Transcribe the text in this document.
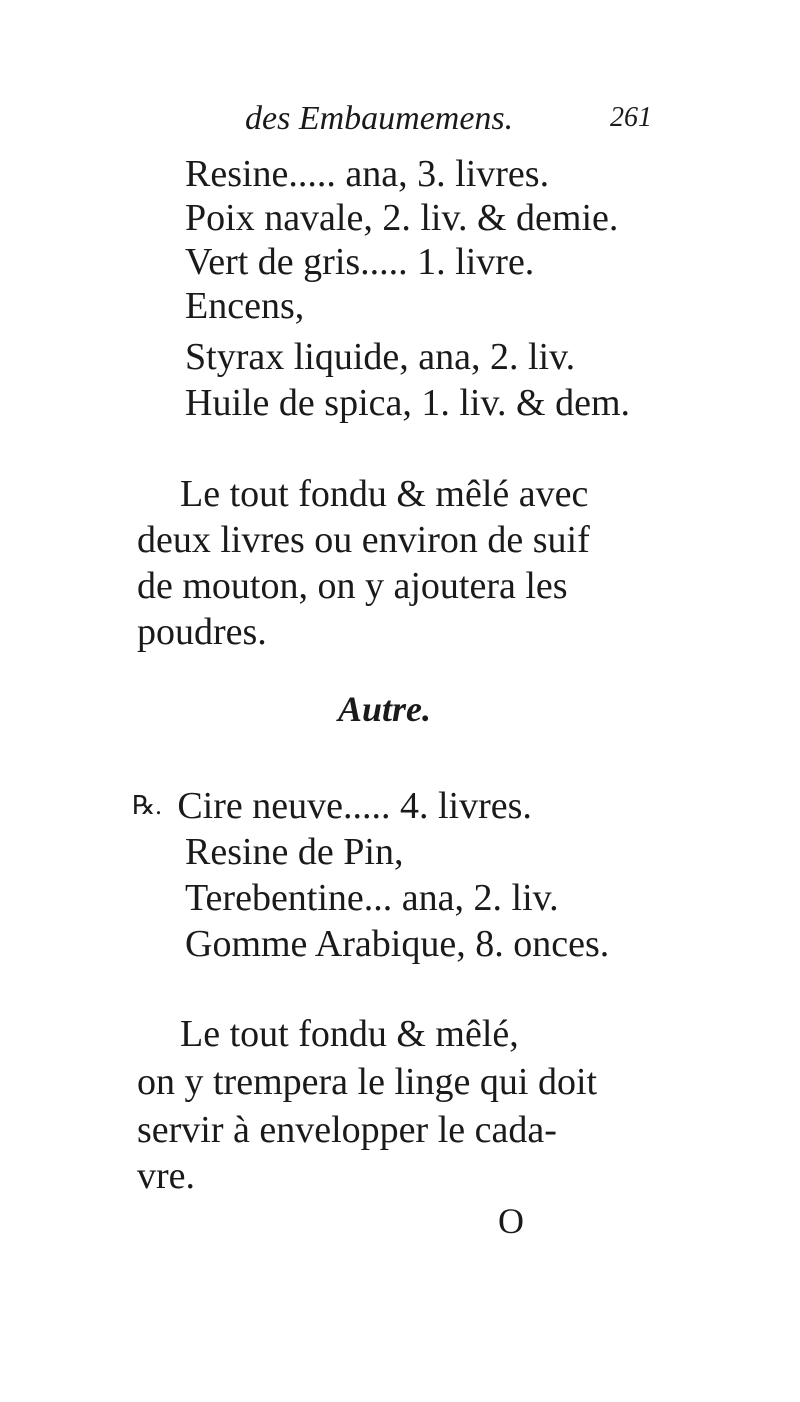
des Embaumemens.	261
Resine..... ana, 3. livres.
Poix navale, 2. liv. & demie.
Vert de gris..... 1. livre.
Encens,
Styrax liquide, ana, 2. liv.
Huile de spica, 1. liv. & dem.
Le tout fondu & mêlé avec
deux livres ou environ de suif
de mouton, on y ajoutera les
poudres.
Autre.
℞. Cire neuve..... 4. livres.
Resine de Pin,
Terebentine... ana, 2. liv.
Gomme Arabique, 8. onces.
Le tout fondu & mêlé,
on y trempera le linge qui doit
servir à envelopper le cada-
vre.
O
